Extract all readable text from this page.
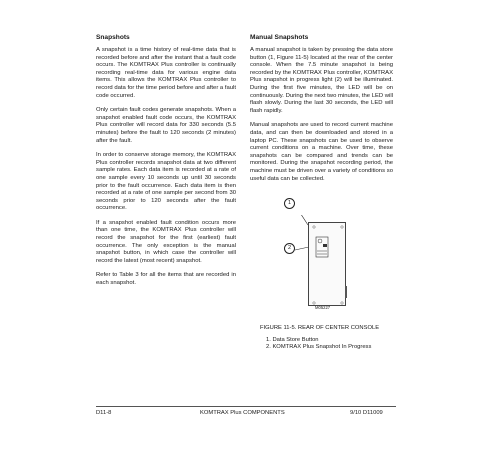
Snapshots

A snapshot is a time history of real-time data that is recorded before and after the instant that a fault code occurs. The KOMTRAX Plus controller is continually recording real-time data for various engine data items. This allows the KOMTRAX Plus controller to record data for the time period before and after a fault code occurred.

Only certain fault codes generate snapshots. When a snapshot enabled fault code occurs, the KOMTRAX Plus controller will record data for 330 seconds (5.5 minutes) before the fault to 120 seconds (2 minutes) after the fault.

In order to conserve storage memory, the KOMTRAX Plus controller records snapshot data at two different sample rates. Each data item is recorded at a rate of one sample every 10 seconds up until 30 seconds prior to the fault occurrence. Each data item is then recorded at a rate of one sample per second from 30 seconds prior to 120 seconds after the fault occurrence.

If a snapshot enabled fault condition occurs more than one time, the KOMTRAX Plus controller will record the snapshot for the first (earliest) fault occurrence. The only exception is the manual snapshot button, in which case the controller will record the latest (most recent) snapshot.

Refer to Table 3 for all the items that are recorded in each snapshot.

Manual Snapshots

A manual snapshot is taken by pressing the data store button (1, Figure 11-5) located at the rear of the center console. When the 7.5 minute snapshot is being recorded by the KOMTRAX Plus controller, KOMTRAX Plus snapshot in progress light (2) will be illuminated. During the first five minutes, the LED will be on continuously. During the next two minutes, the LED will flash slowly. During the last 30 seconds, the LED will flash rapidly.

Manual snapshots are used to record current machine data, and can then be downloaded and stored in a laptop PC. These snapshots can be used to observe current conditions on a machine. Over time, these snapshots can be compared and trends can be monitored. During the snapshot recording period, the machine must be driven over a variety of conditions so useful data can be collected.

1
2
M05227
FIGURE 11-5. REAR OF CENTER CONSOLE
1. Data Store Button
2. KOMTRAX Plus Snapshot In Progress
D11-8	KOMTRAX Plus COMPONENTS	9/10 D11009
